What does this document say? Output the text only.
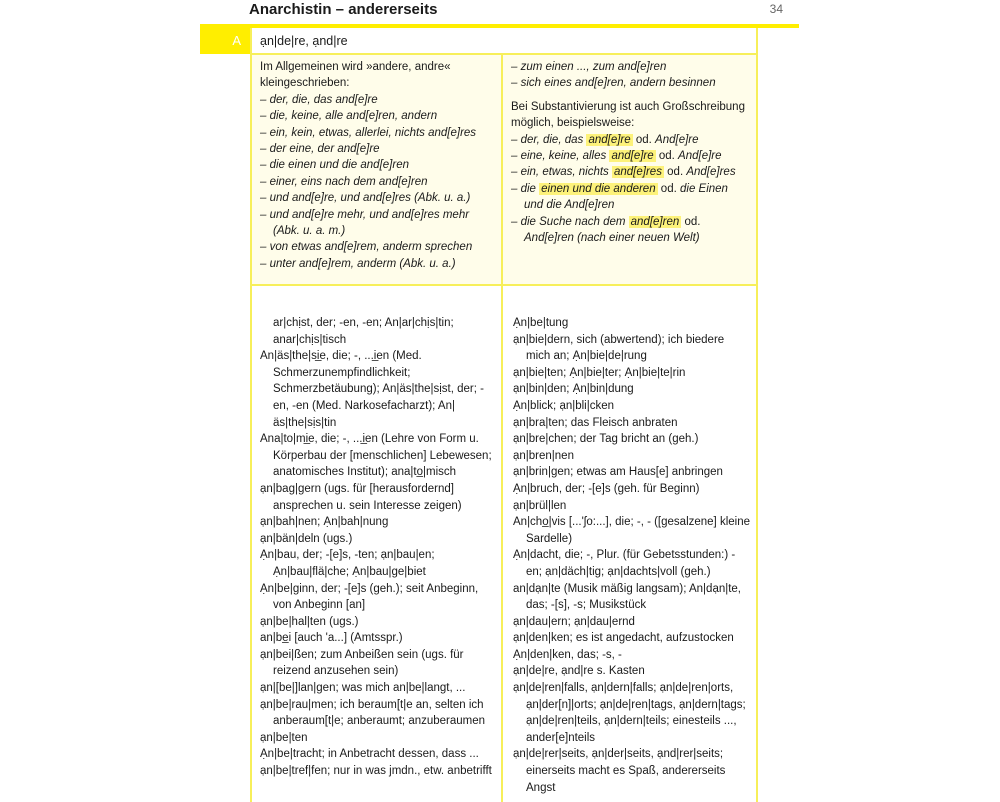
Anarchistin – andererseits	34
A	ạn|de|re, ạnd|re

Im Allgemeinen wird »andere, andre« kleingeschrieben:

– der, die, das and[e]re
– die, keine, alle and[e]ren, andern
– ein, kein, etwas, allerlei, nichts and[e]res
– der eine, der and[e]re
– die einen und die and[e]ren
– einer, eins nach dem and[e]ren
– und and[e]re, und and[e]res (Abk. u. a.)
– und and[e]re mehr, und and[e]res mehr (Abk. u. a. m.)
– von etwas and[e]rem, anderm sprechen
– unter and[e]rem, anderm (Abk. u. a.)
– zum einen ..., zum and[e]ren
– sich eines and[e]ren, andern besinnen

Bei Substantivierung ist auch Großschreibung möglich, beispielsweise:

– der, die, das and[e]re od. And[e]re
– eine, keine, alles and[e]re od. And[e]re
– ein, etwas, nichts and[e]res od. And[e]res
– die einen und die anderen od. die Einen und die And[e]ren
– die Suche nach dem and[e]ren od. And[e]ren (nach einer neuen Welt)
ar|chịst, der; -en, -en; An|ar|chịs|tin; anar|chịs|tisch
An|äs|the|si̲e, die; -, ...i̲en (Med. Schmerzunempfindlichkeit; Schmerzbetäubung); An|äs|the|sịst, der; -en, -en (Med. Narkosefacharzt); An|äs|the|sịs|tin
Ana|to|mi̲e, die; -, ...i̲en (Lehre von Form u. Körperbau der [menschlichen] Lebewesen; anatomisches Institut); ana|to̲|misch
ạn|bag|gern (ugs. für [herausfordernd] ansprechen u. sein Interesse zeigen)
ạn|bah|nen; Ạn|bah|nung
ạn|bän|deln (ugs.)
Ạn|bau, der; -[e]s, -ten; ạn|bau|en; Ạn|bau|flä|che; Ạn|bau|ge|biet
Ạn|be|ginn, der; -[e]s (geh.); seit Anbeginn, von Anbeginn [an]
ạn|be|hal|ten (ugs.)
an|be̲i [auch 'a...] (Amtsspr.)
ạn|bei|ßen; zum Anbeißen sein (ugs. für reizend anzusehen sein)
ạn|[be|]lan|gen; was mich an|be|langt, ...
ạn|be|rau|men; ich beraum[t|e an, selten ich anberaum[t|e; anberaumt; anzuberaumen
ạn|be|ten
Ạn|be|tracht; in Anbetracht dessen, dass ...
ạn|be|tref|fen; nur in was jmdn., etw. anbetrifft
Ạn|be|tung
ạn|bie|dern, sich (abwertend); ich biedere mich an; Ạn|bie|de|rung
ạn|bie|ten; Ạn|bie|ter; Ạn|bie|te|rin
ạn|bin|den; Ạn|bin|dung
Ạn|blick; ạn|bli|cken
ạn|bra|ten; das Fleisch anbraten
ạn|bre|chen; der Tag bricht an (geh.)
ạn|bren|nen
ạn|brin|gen; etwas am Haus[e] anbringen
Ạn|bruch, der; -[e]s (geh. für Beginn)
ạn|brül|len
An|cho̲|vis [...'ʃo:...], die; -, - ([gesalzene] kleine Sardelle)
Ạn|dacht, die; -, Plur. (für Gebetsstunden:) -en; ạn|däch|tig; ạn|dachts|voll (geh.)
an|dạn|te (Musik mäßig langsam); An|dạn|te, das; -[s], -s; Musikstück
ạn|dau|ern; ạn|dau|ernd
ạn|den|ken; es ist angedacht, aufzustocken
Ạn|den|ken, das; -s, -
ạn|de|re, ạnd|re s. Kasten
ạn|de|ren|falls, ạn|dern|falls; ạn|de|ren|orts, ạn|der[n]|orts; ạn|de|ren|tags, ạn|dern|tags; ạn|de|ren|teils, ạn|dern|teils; einesteils ..., ander[e]nteils
ạn|de|rer|seits, ạn|der|seits, ạnd|rer|seits; einerseits macht es Spaß, andererseits Angst
